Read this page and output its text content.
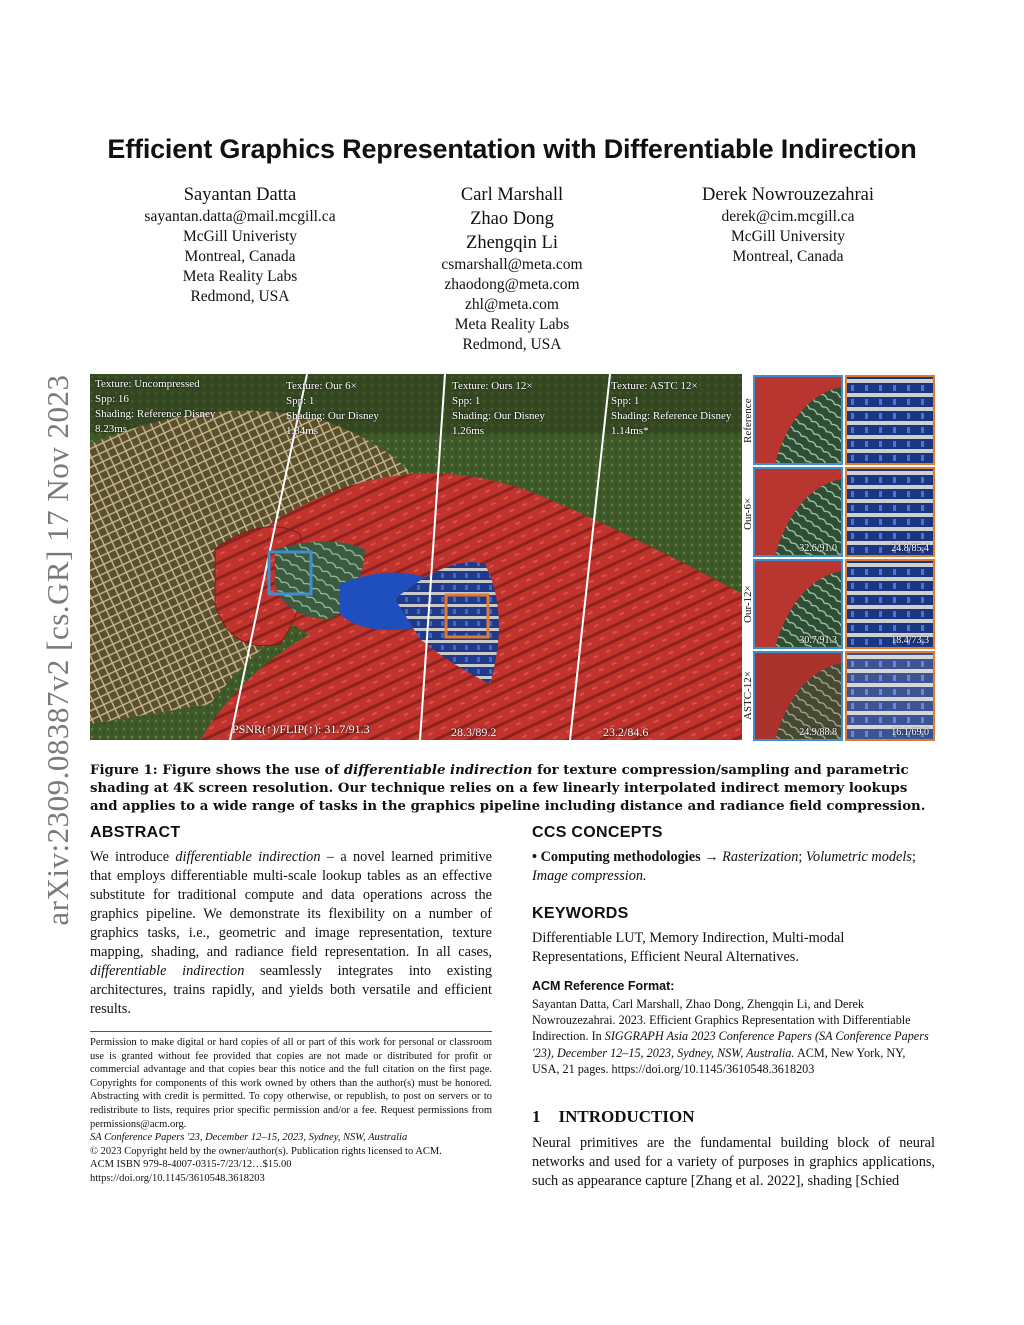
arXiv:2309.08387v2 [cs.GR] 17 Nov 2023
Efficient Graphics Representation with Differentiable Indirection
Sayantan Datta
sayantan.datta@mail.mcgill.ca
McGill Univeristy
Montreal, Canada
Meta Reality Labs
Redmond, USA
Carl Marshall
Zhao Dong
Zhengqin Li
csmarshall@meta.com
zhaodong@meta.com
zhl@meta.com
Meta Reality Labs
Redmond, USA
Derek Nowrouzezahrai
derek@cim.mcgill.ca
McGill University
Montreal, Canada
Texture: Uncompressed
Spp: 16
Shading: Reference Disney
8.23ms
Texture: Our 6×
Spp: 1
Shading: Our Disney
1.34ms
Texture: Ours 12×
Spp: 1
Shading: Our Disney
1.26ms
Texture: ASTC 12×
Spp: 1
Shading: Reference Disney
1.14ms*
PSNR(↑)/FLIP(↑): 31.7/91.3	28.3/89.2	23.2/84.6
Reference
Our-6×
Our-12×
ASTC-12×
32.6/91.0	24.8/85.4
30.7/91.3	18.4/73.3
24.9/88.8	16.1/69.0
Figure 1: Figure shows the use of differentiable indirection for texture compression/sampling and parametric shading at 4K screen resolution. Our technique relies on a few linearly interpolated indirect memory lookups and applies to a wide range of tasks in the graphics pipeline including distance and radiance field compression.
ABSTRACT
We introduce differentiable indirection – a novel learned primitive that employs differentiable multi-scale lookup tables as an effective substitute for traditional compute and data operations across the graphics pipeline. We demonstrate its flexibility on a number of graphics tasks, i.e., geometric and image representation, texture mapping, shading, and radiance field representation. In all cases, differentiable indirection seamlessly integrates into existing architectures, trains rapidly, and yields both versatile and efficient results.
Permission to make digital or hard copies of all or part of this work for personal or classroom use is granted without fee provided that copies are not made or distributed for profit or commercial advantage and that copies bear this notice and the full citation on the first page. Copyrights for components of this work owned by others than the author(s) must be honored. Abstracting with credit is permitted. To copy otherwise, or republish, to post on servers or to redistribute to lists, requires prior specific permission and/or a fee. Request permissions from permissions@acm.org.
SA Conference Papers '23, December 12–15, 2023, Sydney, NSW, Australia
© 2023 Copyright held by the owner/author(s). Publication rights licensed to ACM.
ACM ISBN 979-8-4007-0315-7/23/12…$15.00
https://doi.org/10.1145/3610548.3618203
CCS CONCEPTS
• Computing methodologies → Rasterization; Volumetric models; Image compression.
KEYWORDS
Differentiable LUT, Memory Indirection, Multi-modal Representations, Efficient Neural Alternatives.
ACM Reference Format:
Sayantan Datta, Carl Marshall, Zhao Dong, Zhengqin Li, and Derek Nowrouzezahrai. 2023. Efficient Graphics Representation with Differentiable Indirection. In SIGGRAPH Asia 2023 Conference Papers (SA Conference Papers '23), December 12–15, 2023, Sydney, NSW, Australia. ACM, New York, NY, USA, 21 pages. https://doi.org/10.1145/3610548.3618203
1 INTRODUCTION
Neural primitives are the fundamental building block of neural networks and used for a variety of purposes in graphics applications, such as appearance capture [Zhang et al. 2022], shading [Schied
